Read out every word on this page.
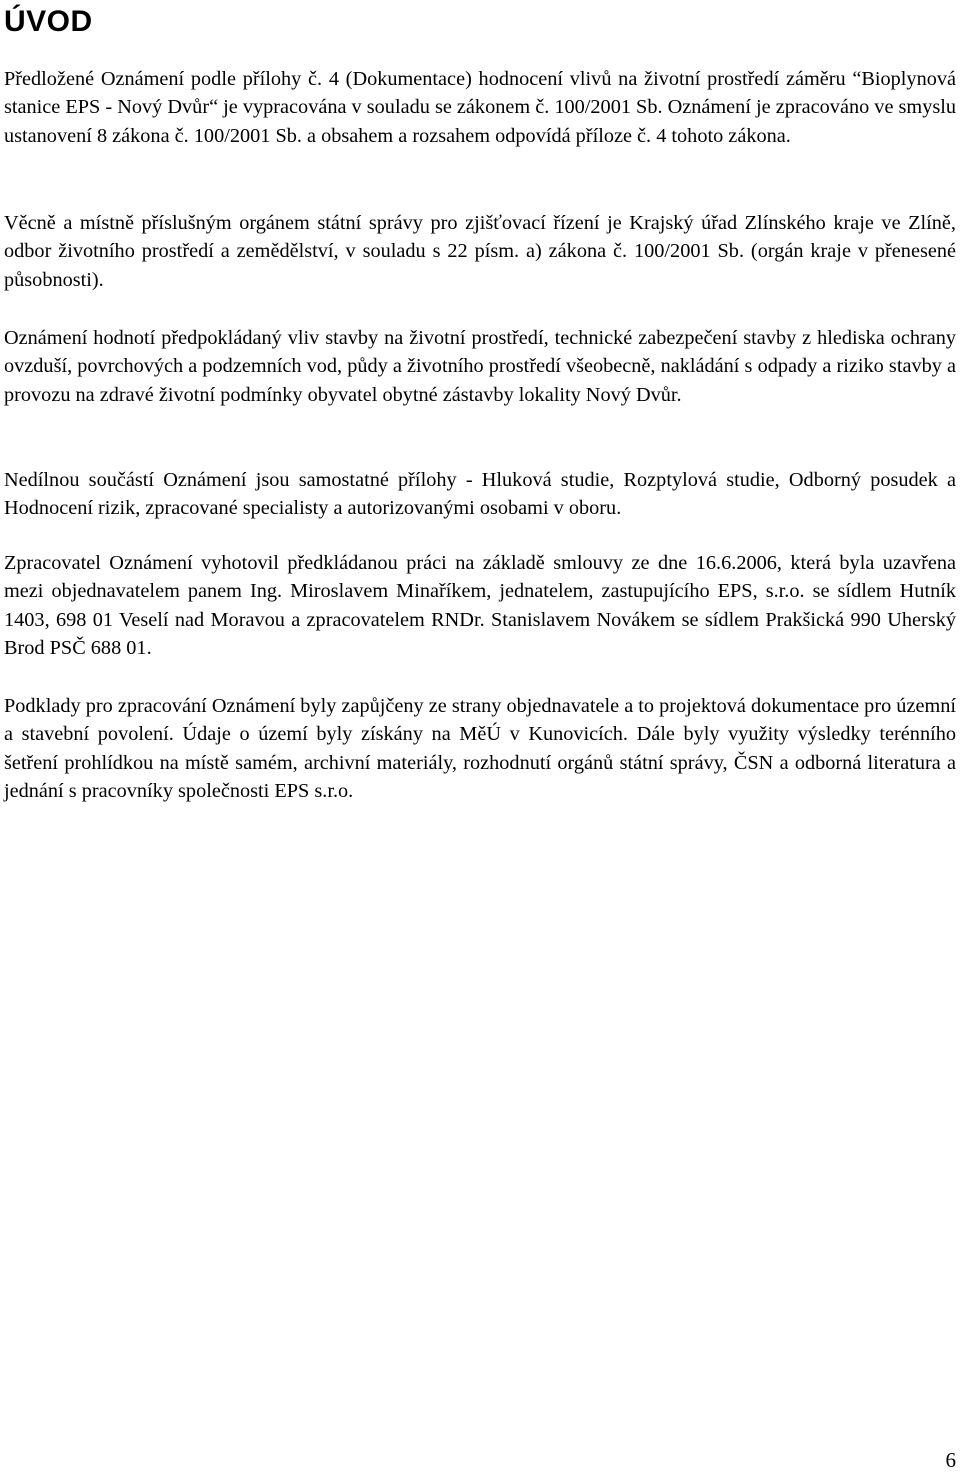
ÚVOD

Předložené Oznámení podle přílohy č. 4 (Dokumentace) hodnocení vlivů na životní prostředí záměru “Bioplynová stanice EPS - Nový Dvůr“ je vypracována v souladu se zákonem č. 100/2001 Sb. Oznámení je zpracováno ve smyslu ustanovení 8 zákona č. 100/2001 Sb. a obsahem a rozsahem odpovídá příloze č. 4 tohoto zákona.

Věcně a místně příslušným orgánem státní správy pro zjišťovací řízení je Krajský úřad Zlínského kraje ve Zlíně, odbor životního prostředí a zemědělství, v souladu s 22 písm. a) zákona č. 100/2001 Sb. (orgán kraje v přenesené působnosti).

Oznámení hodnotí předpokládaný vliv stavby na životní prostředí, technické zabezpečení stavby z hlediska ochrany ovzduší, povrchových a podzemních vod, půdy a životního prostředí všeobecně, nakládání s odpady a riziko stavby a provozu na zdravé životní podmínky obyvatel obytné zástavby lokality Nový Dvůr.

Nedílnou součástí Oznámení jsou samostatné přílohy - Hluková studie, Rozptylová studie, Odborný posudek a Hodnocení rizik, zpracované specialisty a autorizovanými osobami v oboru.

Zpracovatel Oznámení vyhotovil předkládanou práci na základě smlouvy ze dne 16.6.2006, která byla uzavřena mezi objednavatelem panem Ing. Miroslavem Minaříkem, jednatelem, zastupujícího EPS, s.r.o. se sídlem Hutník 1403, 698 01 Veselí nad Moravou a zpracovatelem RNDr. Stanislavem Novákem se sídlem Prakšická 990 Uherský Brod PSČ 688 01.

Podklady pro zpracování Oznámení byly zapůjčeny ze strany objednavatele a to projektová dokumentace pro územní a stavební povolení. Údaje o území byly získány na MěÚ v Kunovicích. Dále byly využity výsledky terénního šetření prohlídkou na místě samém, archivní materiály, rozhodnutí orgánů státní správy, ČSN a odborná literatura a jednání s pracovníky společnosti EPS s.r.o.

6
